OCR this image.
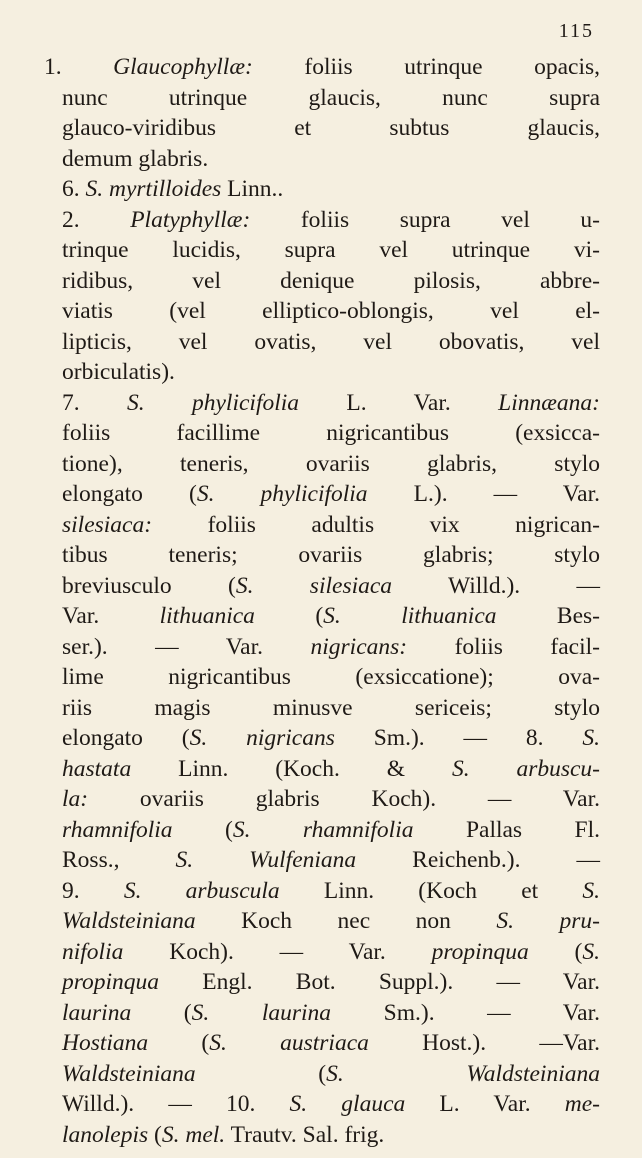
115
1. Glaucophyllæ: foliis utrinque opacis,
nunc utrinque glaucis, nunc supra
glauco-viridibus et subtus glaucis,
demum glabris.
6. S. myrtilloides Linn..
2. Platyphyllæ: foliis supra vel u-
trinque lucidis, supra vel utrinque vi-
ridibus, vel denique pilosis, abbre-
viatis (vel elliptico-oblongis, vel el-
lipticis, vel ovatis, vel obovatis, vel
orbiculatis).
7. S. phylicifolia L. Var. Linnæana:
foliis facillime nigricantibus (exsicca-
tione), teneris, ovariis glabris, stylo
elongato (S. phylicifolia L.). — Var.
silesiaca: foliis adultis vix nigrican-
tibus teneris; ovariis glabris; stylo
breviusculo (S. silesiaca Willd.). —
Var. lithuanica (S. lithuanica Bes-
ser.). — Var. nigricans: foliis facil-
lime nigricantibus (exsiccatione); ova-
riis magis minusve sericeis; stylo
elongato (S. nigricans Sm.). — 8. S.
hastata Linn. (Koch. & S. arbuscu-
la: ovariis glabris Koch). — Var.
rhamnifolia (S. rhamnifolia Pallas Fl.
Ross., S. Wulfeniana Reichenb.). —
9. S. arbuscula Linn. (Koch et S.
Waldsteiniana Koch nec non S. pru-
nifolia Koch). — Var. propinqua (S.
propinqua Engl. Bot. Suppl.). — Var.
laurina (S. laurina Sm.). — Var.
Hostiana (S. austriaca Host.). —Var.
Waldsteiniana (S. Waldsteiniana
Willd.). — 10. S. glauca L. Var. me-
lanolepis (S. mel. Trautv. Sal. frig.
